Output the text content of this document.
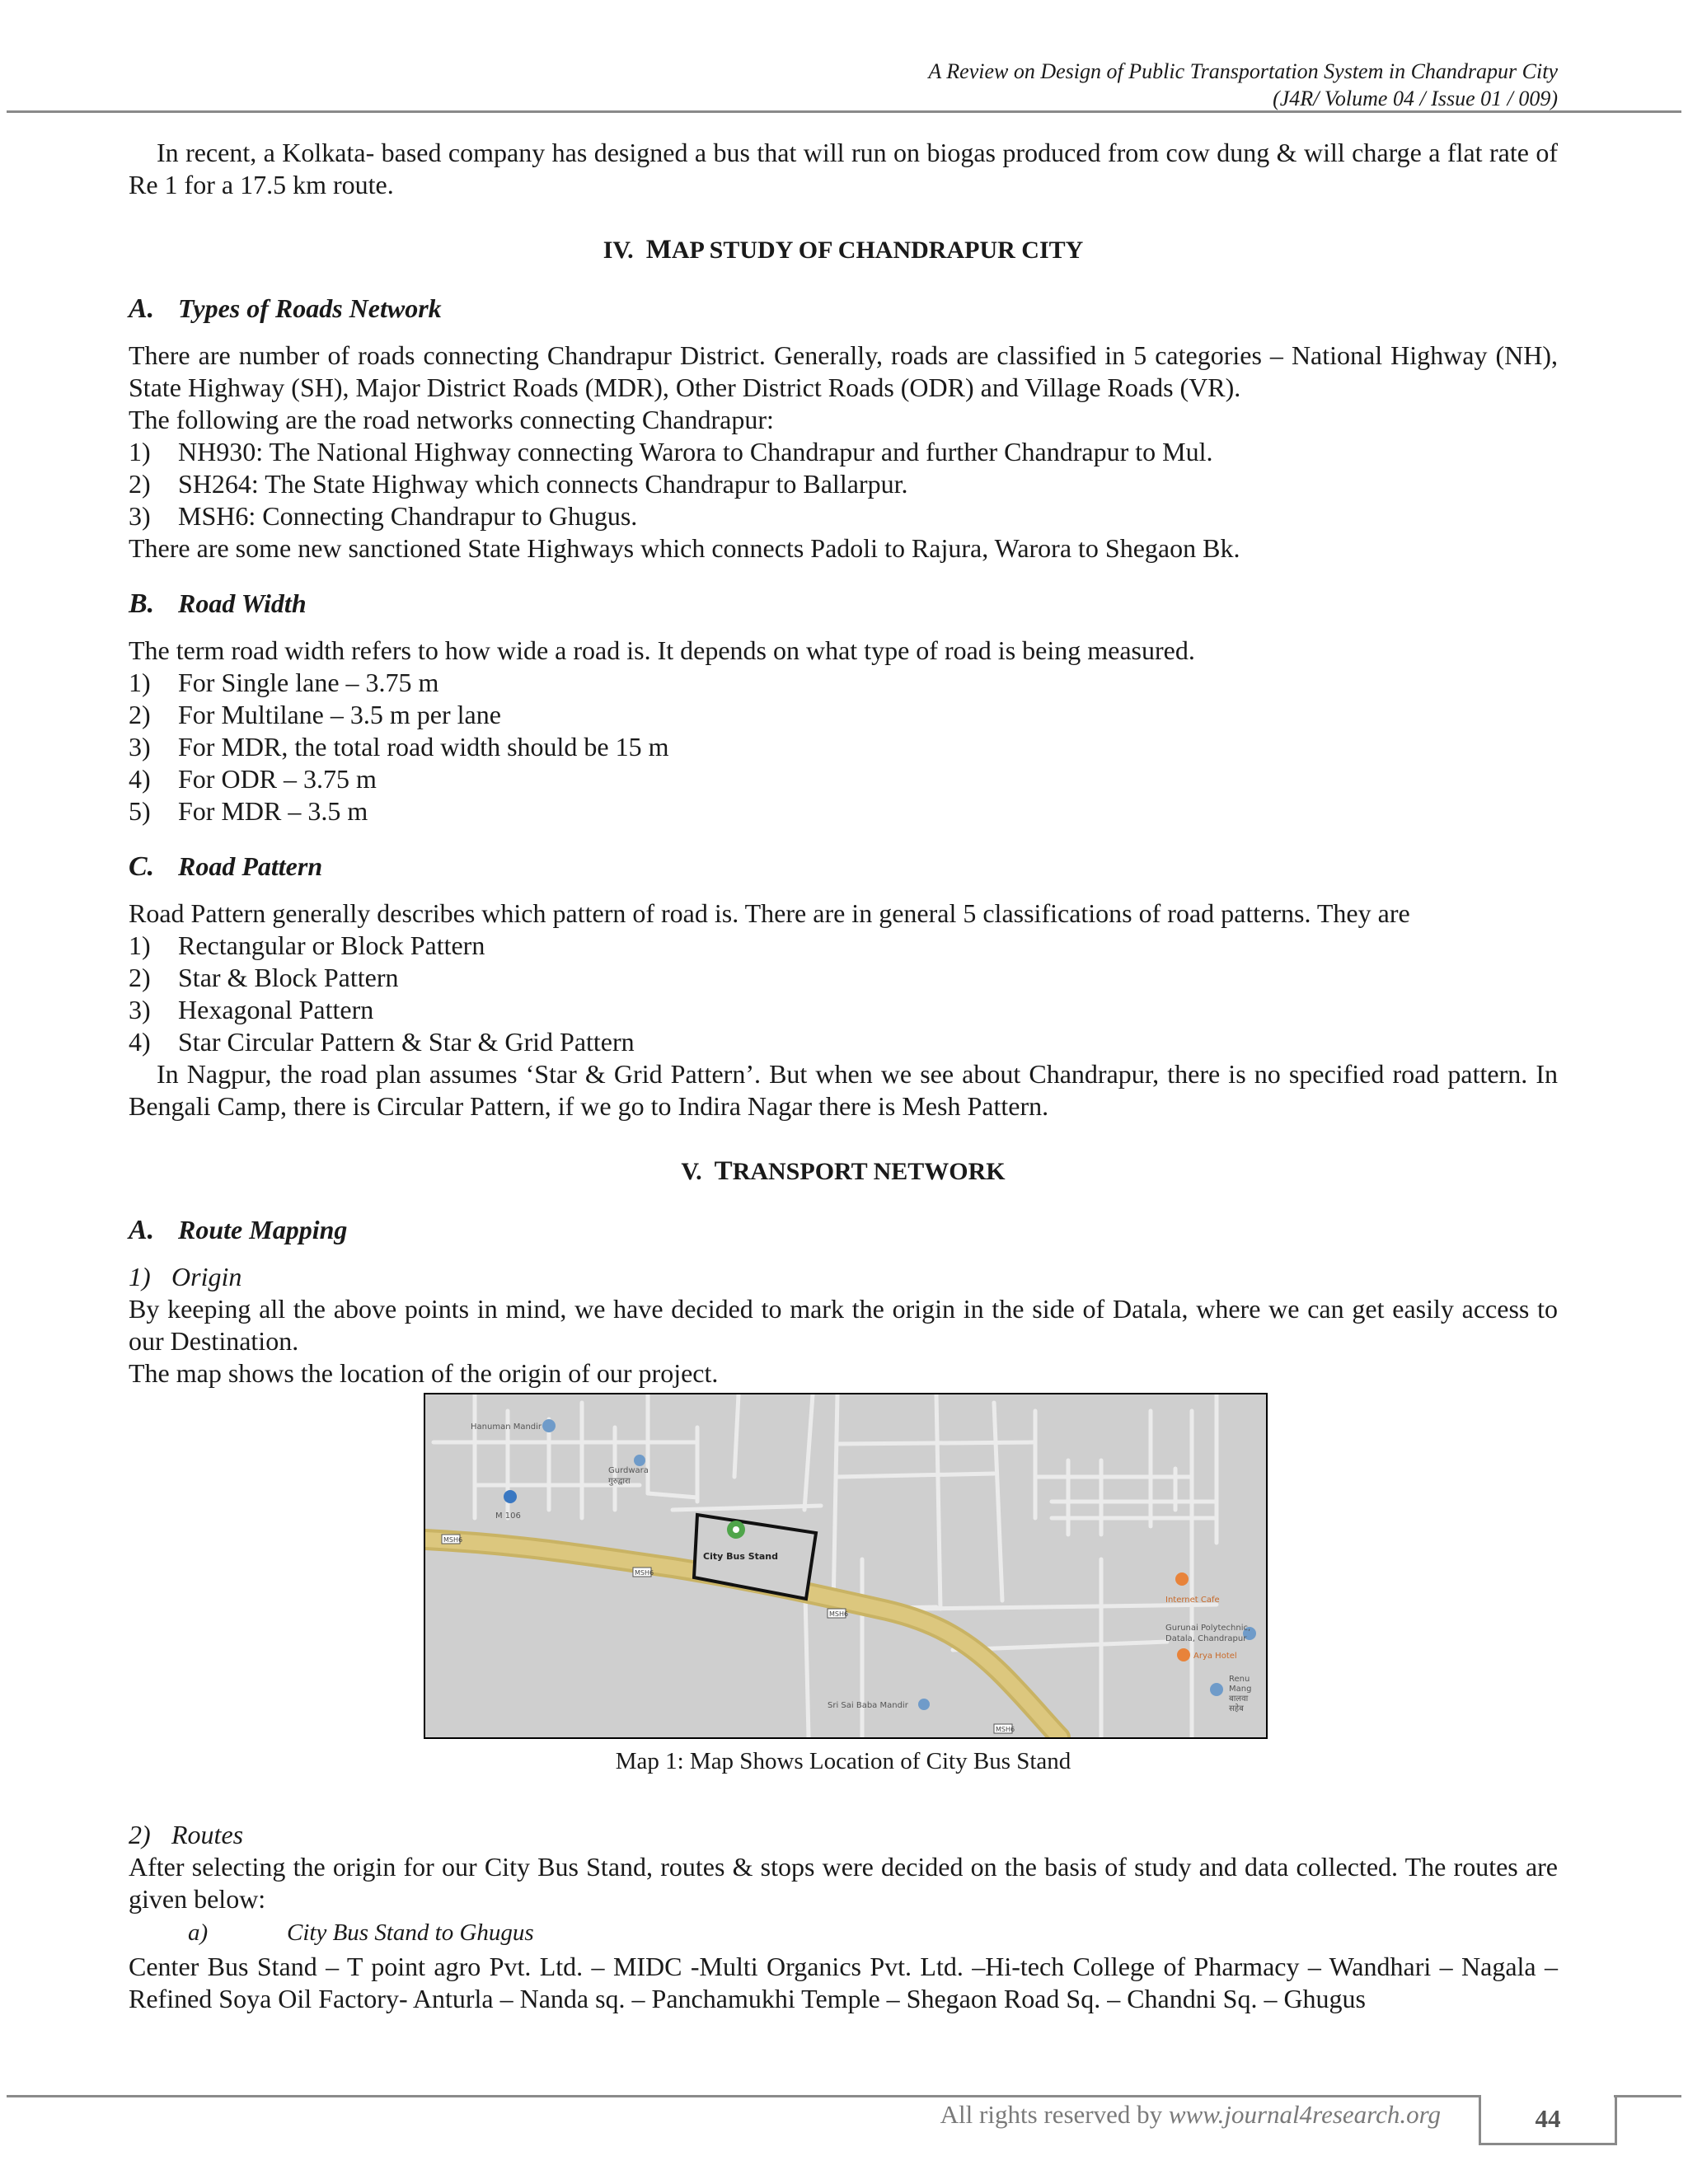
A Review on Design of Public Transportation System in Chandrapur City
(J4R/ Volume 04 / Issue 01 / 009)

In recent, a Kolkata- based company has designed a bus that will run on biogas produced from cow dung & will charge a flat rate of Re 1 for a 17.5 km route.

IV. MAP STUDY OF CHANDRAPUR CITY
A. Types of Roads Network

There are number of roads connecting Chandrapur District. Generally, roads are classified in 5 categories – National Highway (NH), State Highway (SH), Major District Roads (MDR), Other District Roads (ODR) and Village Roads (VR).

The following are the road networks connecting Chandrapur:

1) NH930: The National Highway connecting Warora to Chandrapur and further Chandrapur to Mul.
2) SH264: The State Highway which connects Chandrapur to Ballarpur.
3) MSH6: Connecting Chandrapur to Ghugus.

There are some new sanctioned State Highways which connects Padoli to Rajura, Warora to Shegaon Bk.

B. Road Width

The term road width refers to how wide a road is. It depends on what type of road is being measured.

1) For Single lane – 3.75 m
2) For Multilane – 3.5 m per lane
3) For MDR, the total road width should be 15 m
4) For ODR – 3.75 m
5) For MDR – 3.5 m
C. Road Pattern

Road Pattern generally describes which pattern of road is. There are in general 5 classifications of road patterns. They are

1) Rectangular or Block Pattern
2) Star & Block Pattern
3) Hexagonal Pattern
4) Star Circular Pattern & Star & Grid Pattern

In Nagpur, the road plan assumes ‘Star & Grid Pattern’. But when we see about Chandrapur, there is no specified road pattern. In Bengali Camp, there is Circular Pattern, if we go to Indira Nagar there is Mesh Pattern.

V. TRANSPORT NETWORK
A. Route Mapping
1) Origin

By keeping all the above points in mind, we have decided to mark the origin in the side of Datala, where we can get easily access to our Destination.

The map shows the location of the origin of our project.

MSH6
MSH6
MSH6
MSH6
City Bus Stand
Hanuman Mandir
Gurdwara
गुरुद्वारा
M 106
Internet Cafe
Gurunai Polytechnic,
Datala, Chandrapur
Arya Hotel
Renu
Mang
बालवा
सहेब
Sri Sai Baba Mandir
Map 1: Map Shows Location of City Bus Stand
2) Routes

After selecting the origin for our City Bus Stand, routes & stops were decided on the basis of study and data collected. The routes are given below:

a)	City Bus Stand to Ghugus

Center Bus Stand – T point agro Pvt. Ltd. – MIDC -Multi Organics Pvt. Ltd. –Hi-tech College of Pharmacy – Wandhari – Nagala –Refined Soya Oil Factory- Anturla – Nanda sq. – Panchamukhi Temple – Shegaon Road Sq. – Chandni Sq. – Ghugus

All rights reserved by www.journal4research.org	44
